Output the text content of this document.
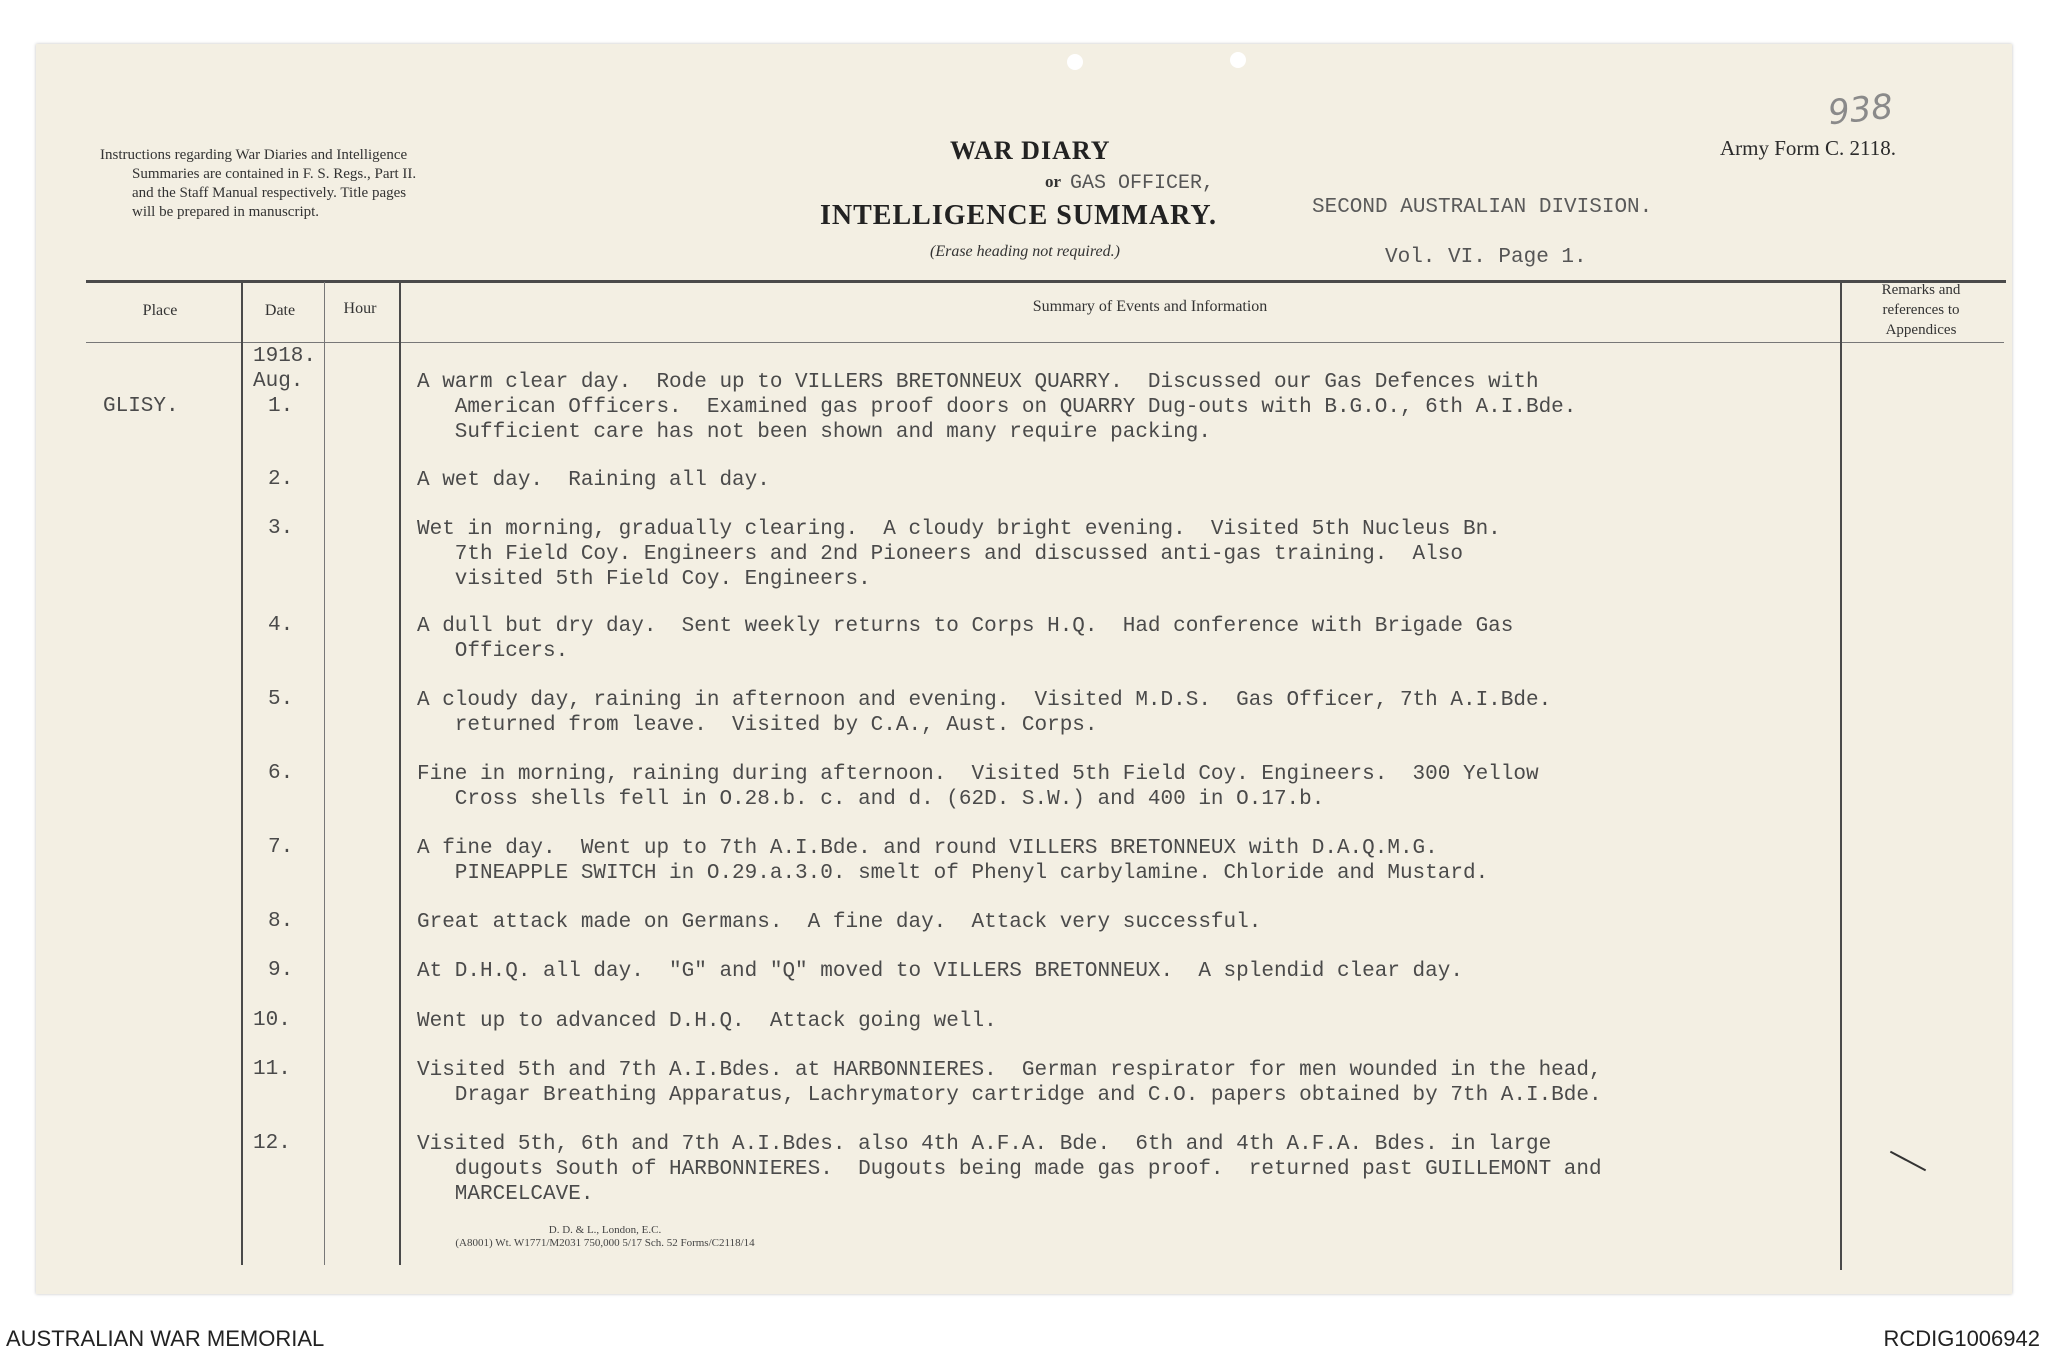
Instructions regarding War Diaries and Intelligence
Summaries are contained in F. S. Regs., Part II.
and the Staff Manual respectively. Title pages
will be prepared in manuscript.
WAR DIARY
or GAS OFFICER,
INTELLIGENCE SUMMARY.	SECOND AUSTRALIAN DIVISION.
(Erase heading not required.)	Vol. VI. Page 1.
Army Form C. 2118.
938
Place	Date	Hour	Summary of Events and Information
Remarks and
references to
Appendices
1918.
Aug.
GLISY.	1.
A warm clear day.  Rode up to VILLERS BRETONNEUX QUARRY.  Discussed our Gas Defences with
American Officers.  Examined gas proof doors on QUARRY Dug-outs with B.G.O., 6th A.I.Bde.
Sufficient care has not been shown and many require packing.
2.	A wet day.  Raining all day.
3.	Wet in morning, gradually clearing.  A cloudy bright evening.  Visited 5th Nucleus Bn.
7th Field Coy. Engineers and 2nd Pioneers and discussed anti-gas training.  Also
visited 5th Field Coy. Engineers.
4.	A dull but dry day.  Sent weekly returns to Corps H.Q.  Had conference with Brigade Gas
Officers.
5.	A cloudy day, raining in afternoon and evening.  Visited M.D.S.  Gas Officer, 7th A.I.Bde.
returned from leave.  Visited by C.A., Aust. Corps.
6.	Fine in morning, raining during afternoon.  Visited 5th Field Coy. Engineers.  300 Yellow
Cross shells fell in O.28.b. c. and d. (62D. S.W.) and 400 in O.17.b.
7.	A fine day.  Went up to 7th A.I.Bde. and round VILLERS BRETONNEUX with D.A.Q.M.G.
PINEAPPLE SWITCH in O.29.a.3.0. smelt of Phenyl carbylamine. Chloride and Mustard.
8.	Great attack made on Germans.  A fine day.  Attack very successful.
9.	At D.H.Q. all day.  "G" and "Q" moved to VILLERS BRETONNEUX.  A splendid clear day.
10.	Went up to advanced D.H.Q.  Attack going well.
11.	Visited 5th and 7th A.I.Bdes. at HARBONNIERES.  German respirator for men wounded in the head,
Dragar Breathing Apparatus, Lachrymatory cartridge and C.O. papers obtained by 7th A.I.Bde.
12.	Visited 5th, 6th and 7th A.I.Bdes. also 4th A.F.A. Bde.  6th and 4th A.F.A. Bdes. in large
dugouts South of HARBONNIERES.  Dugouts being made gas proof.  returned past GUILLEMONT and
MARCELCAVE.
D. D. & L., London, E.C.
(A8001) Wt. W1771/M2031 750,000 5/17 Sch. 52 Forms/C2118/14
AUSTRALIAN WAR MEMORIAL	RCDIG1006942
